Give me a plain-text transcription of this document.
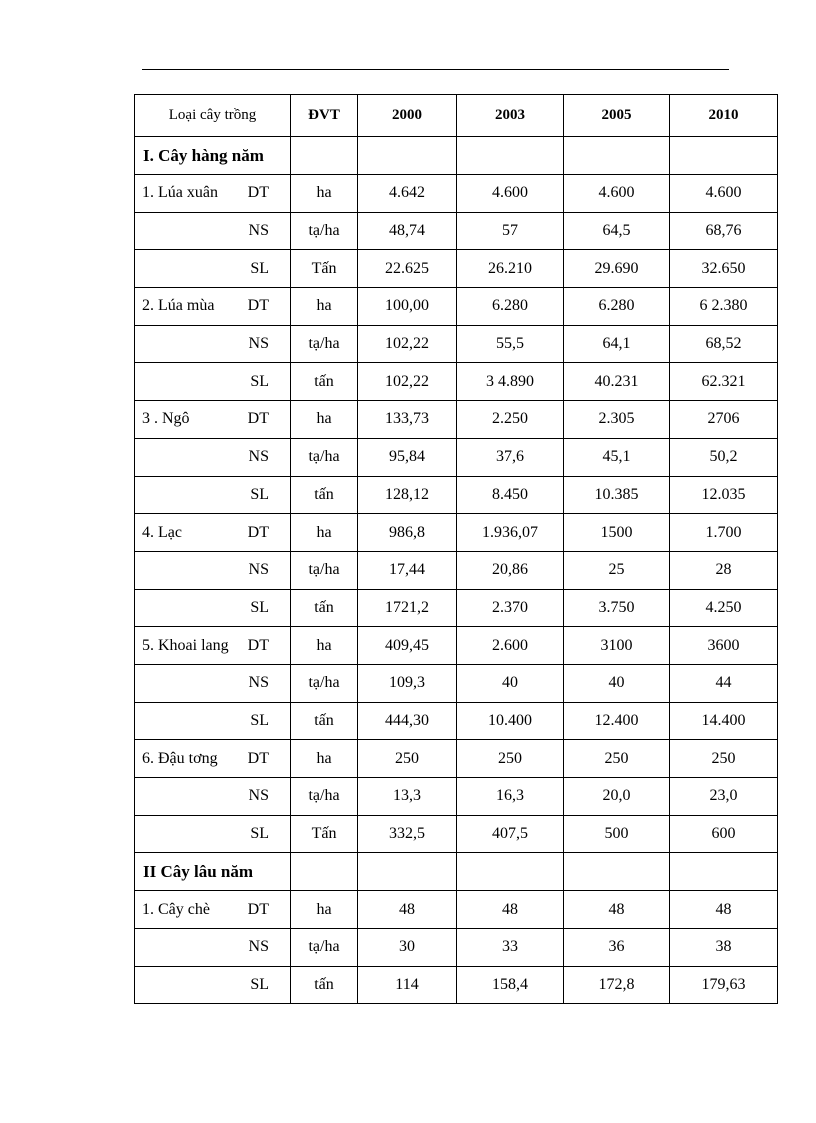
Loại cây trồng	ĐVT	2000	2003	2005	2010
I. Cây hàng năm					

1. Lúa xuân DT	ha	4.642	4.600	4.600	4.600

NS	tạ/ha	48,74	57	64,5	68,76

SL	Tấn	22.625	26.210	29.690	32.650

2. Lúa mùa DT	ha	100,00	6.280	6.280	6 2.380

NS	tạ/ha	102,22	55,5	64,1	68,52

SL	tấn	102,22	3 4.890	40.231	62.321

3 . Ngô DT	ha	133,73	2.250	2.305	2706

NS	tạ/ha	95,84	37,6	45,1	50,2

SL	tấn	128,12	8.450	10.385	12.035

4. Lạc DT	ha	986,8	1.936,07	1500	1.700

NS	tạ/ha	17,44	20,86	25	28

SL	tấn	1721,2	2.370	3.750	4.250

5. Khoai lang DT	ha	409,45	2.600	3100	3600

NS	tạ/ha	109,3	40	40	44

SL	tấn	444,30	10.400	12.400	14.400

6. Đậu tơng DT	ha	250	250	250	250

NS	tạ/ha	13,3	16,3	20,0	23,0

SL	Tấn	332,5	407,5	500	600
II Cây lâu năm					

1. Cây chè DT	ha	48	48	48	48

NS	tạ/ha	30	33	36	38

SL	tấn	114	158,4	172,8	179,63
